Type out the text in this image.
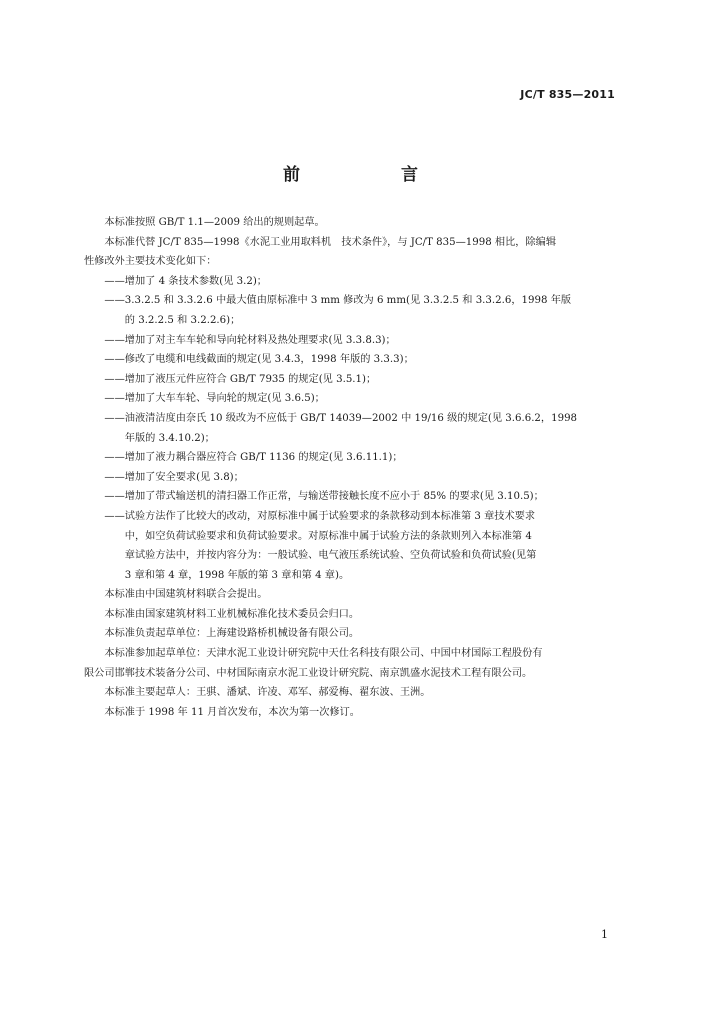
JC/T 835—2011
前　言

本标准按照 GB/T 1.1—2009 给出的规则起草。

本标准代替 JC/T 835—1998《水泥工业用取料机　技术条件》，与 JC/T 835—1998 相比，除编辑
性修改外主要技术变化如下：

——增加了 4 条技术参数(见 3.2)；

——3.3.2.5 和 3.3.2.6 中最大值由原标准中 3 mm 修改为 6 mm(见 3.3.2.5 和 3.3.2.6，1998 年版
的 3.2.2.5 和 3.2.2.6)；

——增加了对主车车轮和导向轮材料及热处理要求(见 3.3.8.3)；

——修改了电缆和电线截面的规定(见 3.4.3，1998 年版的 3.3.3)；

——增加了液压元件应符合 GB/T 7935 的规定(见 3.5.1)；

——增加了大车车轮、导向轮的规定(见 3.6.5)；

——油液清洁度由奈氏 10 级改为不应低于 GB/T 14039—2002 中 19/16 级的规定(见 3.6.6.2，1998
年版的 3.4.10.2)；

——增加了液力耦合器应符合 GB/T 1136 的规定(见 3.6.11.1)；

——增加了安全要求(见 3.8)；

——增加了带式输送机的清扫器工作正常，与输送带接触长度不应小于 85% 的要求(见 3.10.5)；

——试验方法作了比较大的改动，对原标准中属于试验要求的条款移动到本标准第 3 章技术要求
中，如空负荷试验要求和负荷试验要求。对原标准中属于试验方法的条款则列入本标准第 4
章试验方法中，并按内容分为：一般试验、电气液压系统试验、空负荷试验和负荷试验(见第
3 章和第 4 章，1998 年版的第 3 章和第 4 章)。

本标准由中国建筑材料联合会提出。

本标准由国家建筑材料工业机械标准化技术委员会归口。

本标准负责起草单位：上海建设路桥机械设备有限公司。

本标准参加起草单位：天津水泥工业设计研究院中天仕名科技有限公司、中国中材国际工程股份有
限公司邯郸技术装备分公司、中材国际南京水泥工业设计研究院、南京凯盛水泥技术工程有限公司。

本标准主要起草人：王骐、潘斌、许凌、邓军、郝爱梅、翟东波、王洲。

本标准于 1998 年 11 月首次发布，本次为第一次修订。

1
